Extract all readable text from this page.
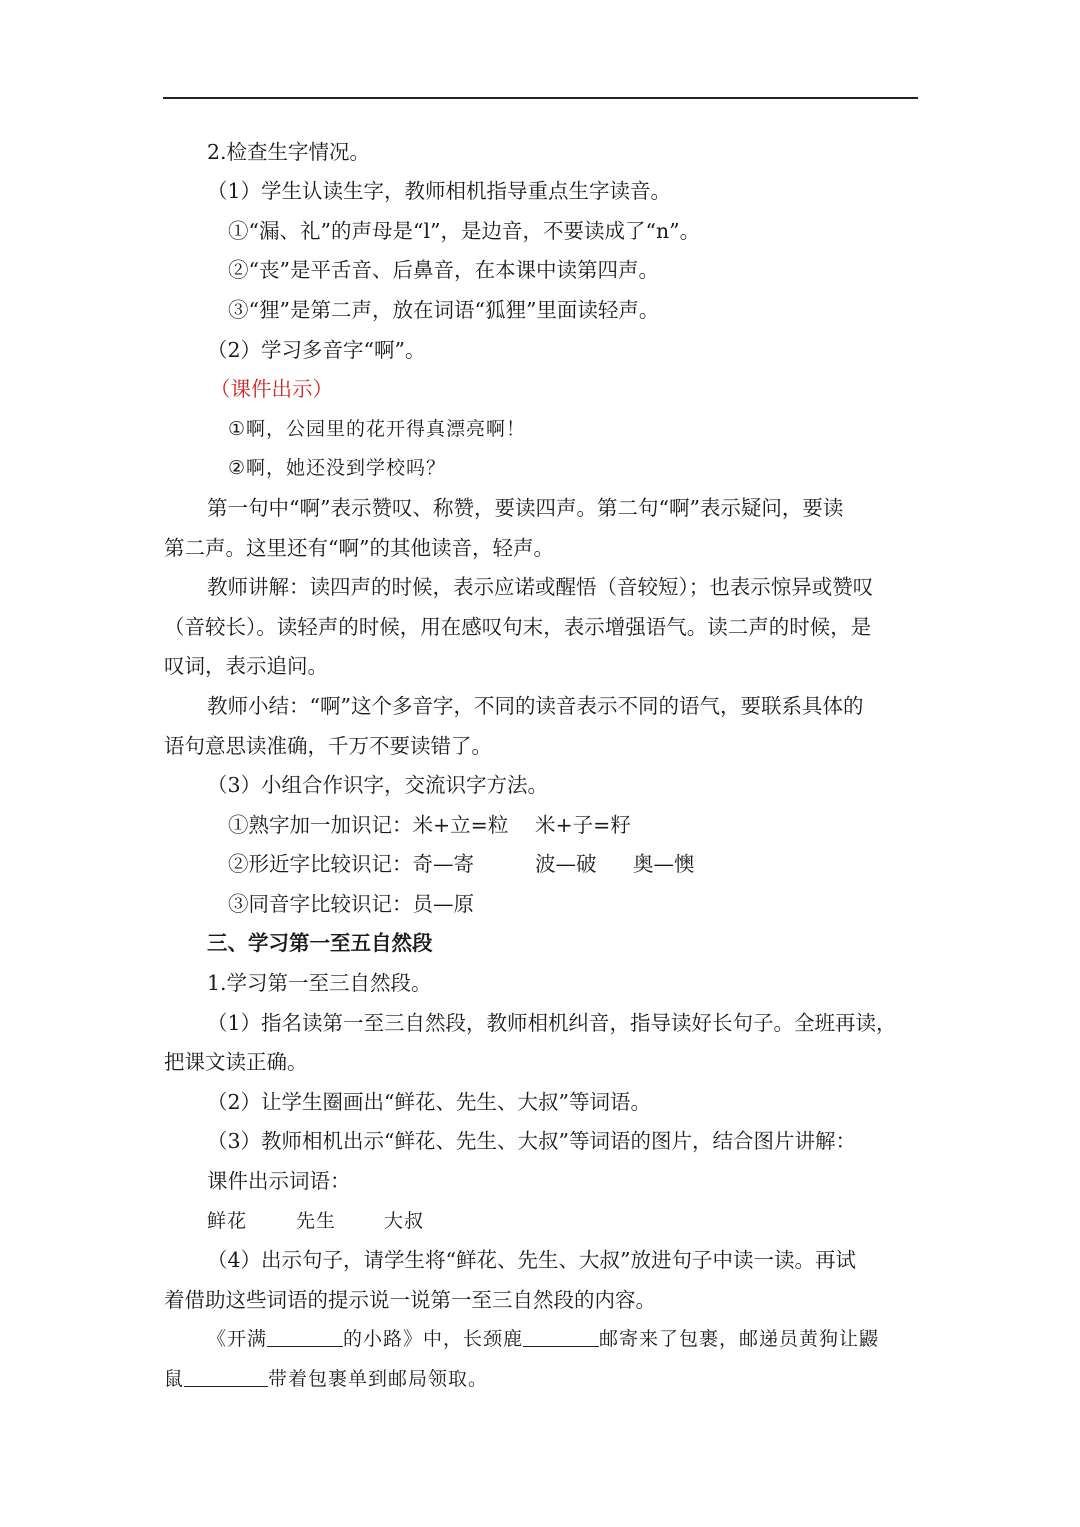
2.检查生字情况。
（1）学生认读生字，教师相机指导重点生字读音。
①“漏、礼”的声母是“l”，是边音，不要读成了“n”。
②“丧”是平舌音、后鼻音，在本课中读第四声。
③“狸”是第二声，放在词语“狐狸”里面读轻声。
（2）学习多音字“啊”。
（课件出示）
①啊，公园里的花开得真漂亮啊！
②啊，她还没到学校吗？
第一句中“啊”表示赞叹、称赞，要读四声。第二句“啊”表示疑问，要读
第二声。这里还有“啊”的其他读音，轻声。
教师讲解：读四声的时候，表示应诺或醒悟（音较短）；也表示惊异或赞叹
（音较长）。读轻声的时候，用在感叹句末，表示增强语气。读二声的时候，是
叹词，表示追问。
教师小结：“啊”这个多音字，不同的读音表示不同的语气，要联系具体的
语句意思读准确，千万不要读错了。
（3）小组合作识字，交流识字方法。
①熟字加一加识记：米+立=粒 米+子=籽
②形近字比较识记：奇—寄	波—破 奥—懊
③同音字比较识记：员—原
三、学习第一至五自然段
1.学习第一至三自然段。
（1）指名读第一至三自然段，教师相机纠音，指导读好长句子。全班再读，
把课文读正确。
（2）让学生圈画出“鲜花、先生、大叔”等词语。
（3）教师相机出示“鲜花、先生、大叔”等词语的图片，结合图片讲解：
课件出示词语：
鲜花	先生	大叔
（4）出示句子，请学生将“鲜花、先生、大叔”放进句子中读一读。再试
着借助这些词语的提示说一说第一至三自然段的内容。
《开满	的小路》中，长颈鹿	邮寄来了包裹，邮递员黄狗让鼹
鼠	带着包裹单到邮局领取。
